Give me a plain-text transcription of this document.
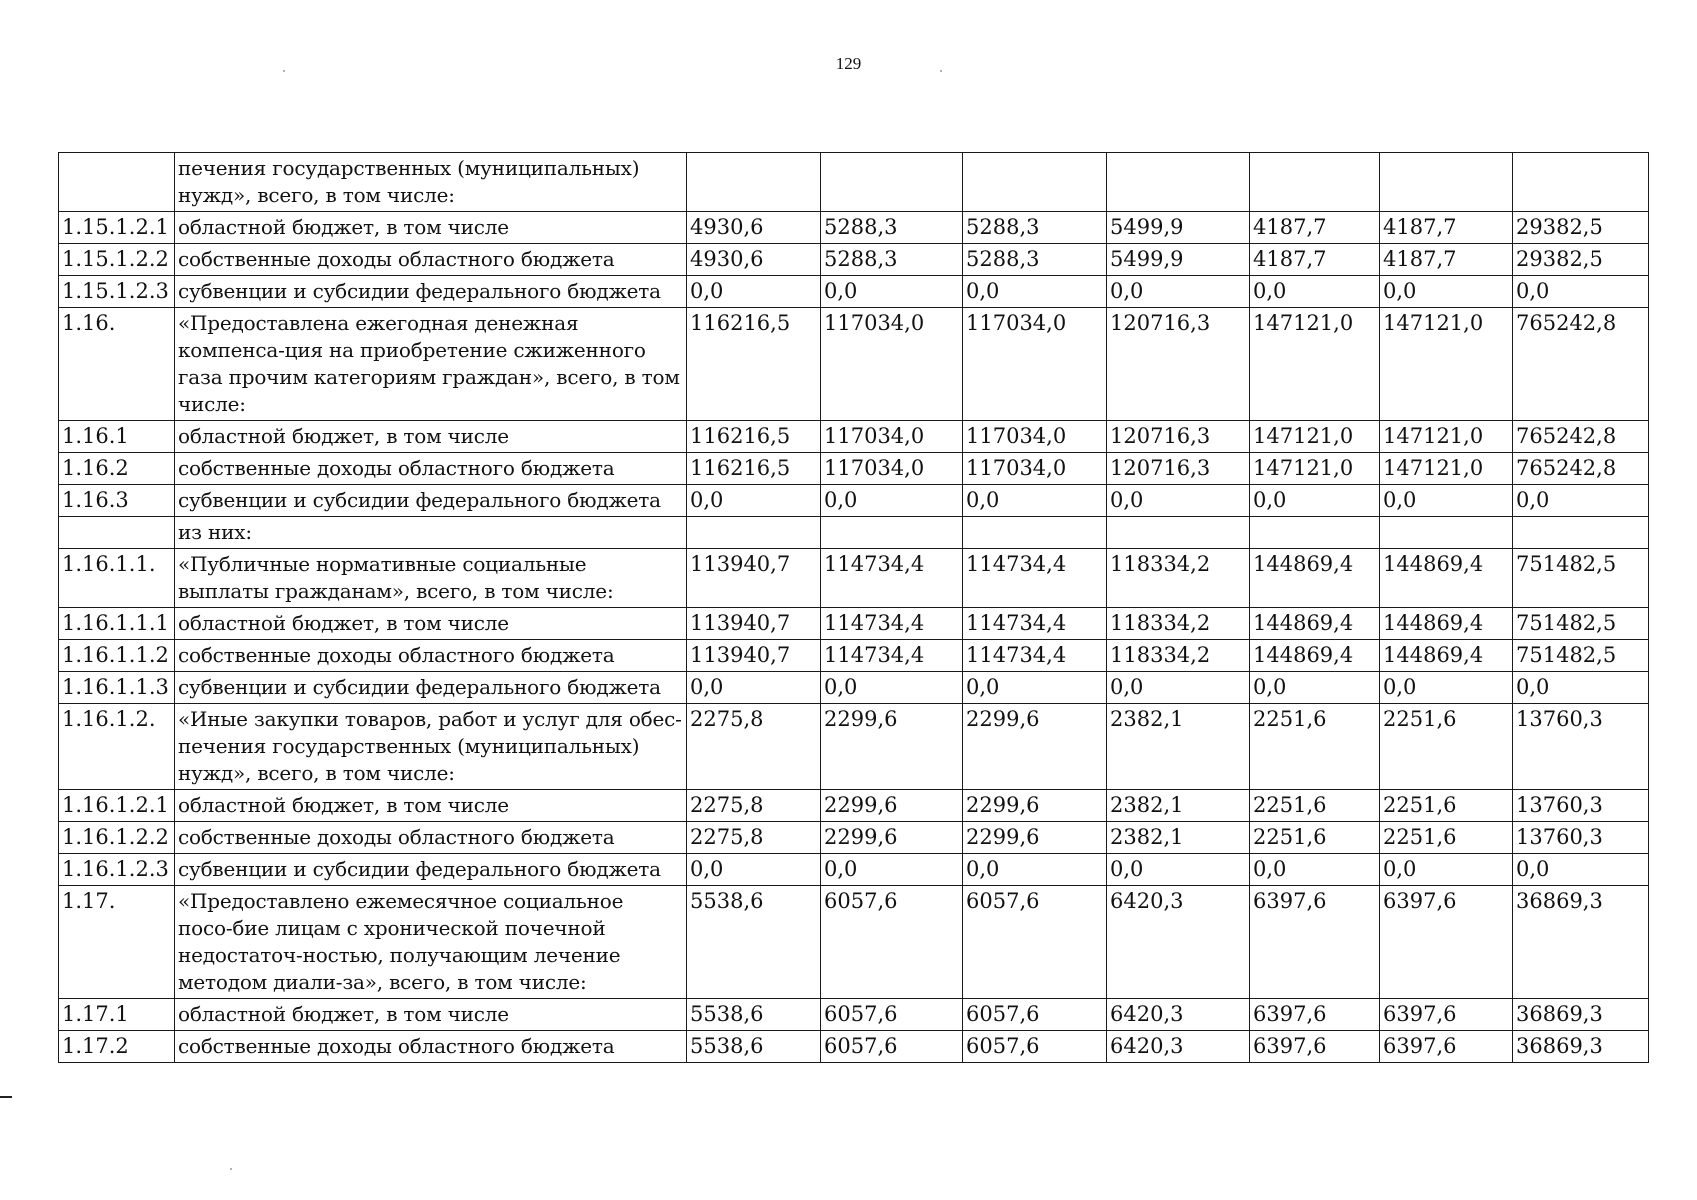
129
	печения государственных (муниципальных) нужд», всего, в том числе:							
1.15.1.2.1	областной бюджет, в том числе	4930,6	5288,3	5288,3	5499,9	4187,7	4187,7	29382,5
1.15.1.2.2	собственные доходы областного бюджета	4930,6	5288,3	5288,3	5499,9	4187,7	4187,7	29382,5
1.15.1.2.3	субвенции и субсидии федерального бюджета	0,0	0,0	0,0	0,0	0,0	0,0	0,0
1.16.	«Предоставлена ежегодная денежная компенса-ция на приобретение сжиженного газа прочим категориям граждан», всего, в том числе:	116216,5	117034,0	117034,0	120716,3	147121,0	147121,0	765242,8
1.16.1	областной бюджет, в том числе	116216,5	117034,0	117034,0	120716,3	147121,0	147121,0	765242,8
1.16.2	собственные доходы областного бюджета	116216,5	117034,0	117034,0	120716,3	147121,0	147121,0	765242,8
1.16.3	субвенции и субсидии федерального бюджета	0,0	0,0	0,0	0,0	0,0	0,0	0,0
	из них:							
1.16.1.1.	«Публичные нормативные социальные выплаты гражданам», всего, в том числе:	113940,7	114734,4	114734,4	118334,2	144869,4	144869,4	751482,5
1.16.1.1.1	областной бюджет, в том числе	113940,7	114734,4	114734,4	118334,2	144869,4	144869,4	751482,5
1.16.1.1.2	собственные доходы областного бюджета	113940,7	114734,4	114734,4	118334,2	144869,4	144869,4	751482,5
1.16.1.1.3	субвенции и субсидии федерального бюджета	0,0	0,0	0,0	0,0	0,0	0,0	0,0
1.16.1.2.	«Иные закупки товаров, работ и услуг для обес-печения государственных (муниципальных) нужд», всего, в том числе:	2275,8	2299,6	2299,6	2382,1	2251,6	2251,6	13760,3
1.16.1.2.1	областной бюджет, в том числе	2275,8	2299,6	2299,6	2382,1	2251,6	2251,6	13760,3
1.16.1.2.2	собственные доходы областного бюджета	2275,8	2299,6	2299,6	2382,1	2251,6	2251,6	13760,3
1.16.1.2.3	субвенции и субсидии федерального бюджета	0,0	0,0	0,0	0,0	0,0	0,0	0,0
1.17.	«Предоставлено ежемесячное социальное посо-бие лицам с хронической почечной недостаточ-ностью, получающим лечение методом диали-за», всего, в том числе:	5538,6	6057,6	6057,6	6420,3	6397,6	6397,6	36869,3
1.17.1	областной бюджет, в том числе	5538,6	6057,6	6057,6	6420,3	6397,6	6397,6	36869,3
1.17.2	собственные доходы областного бюджета	5538,6	6057,6	6057,6	6420,3	6397,6	6397,6	36869,3
